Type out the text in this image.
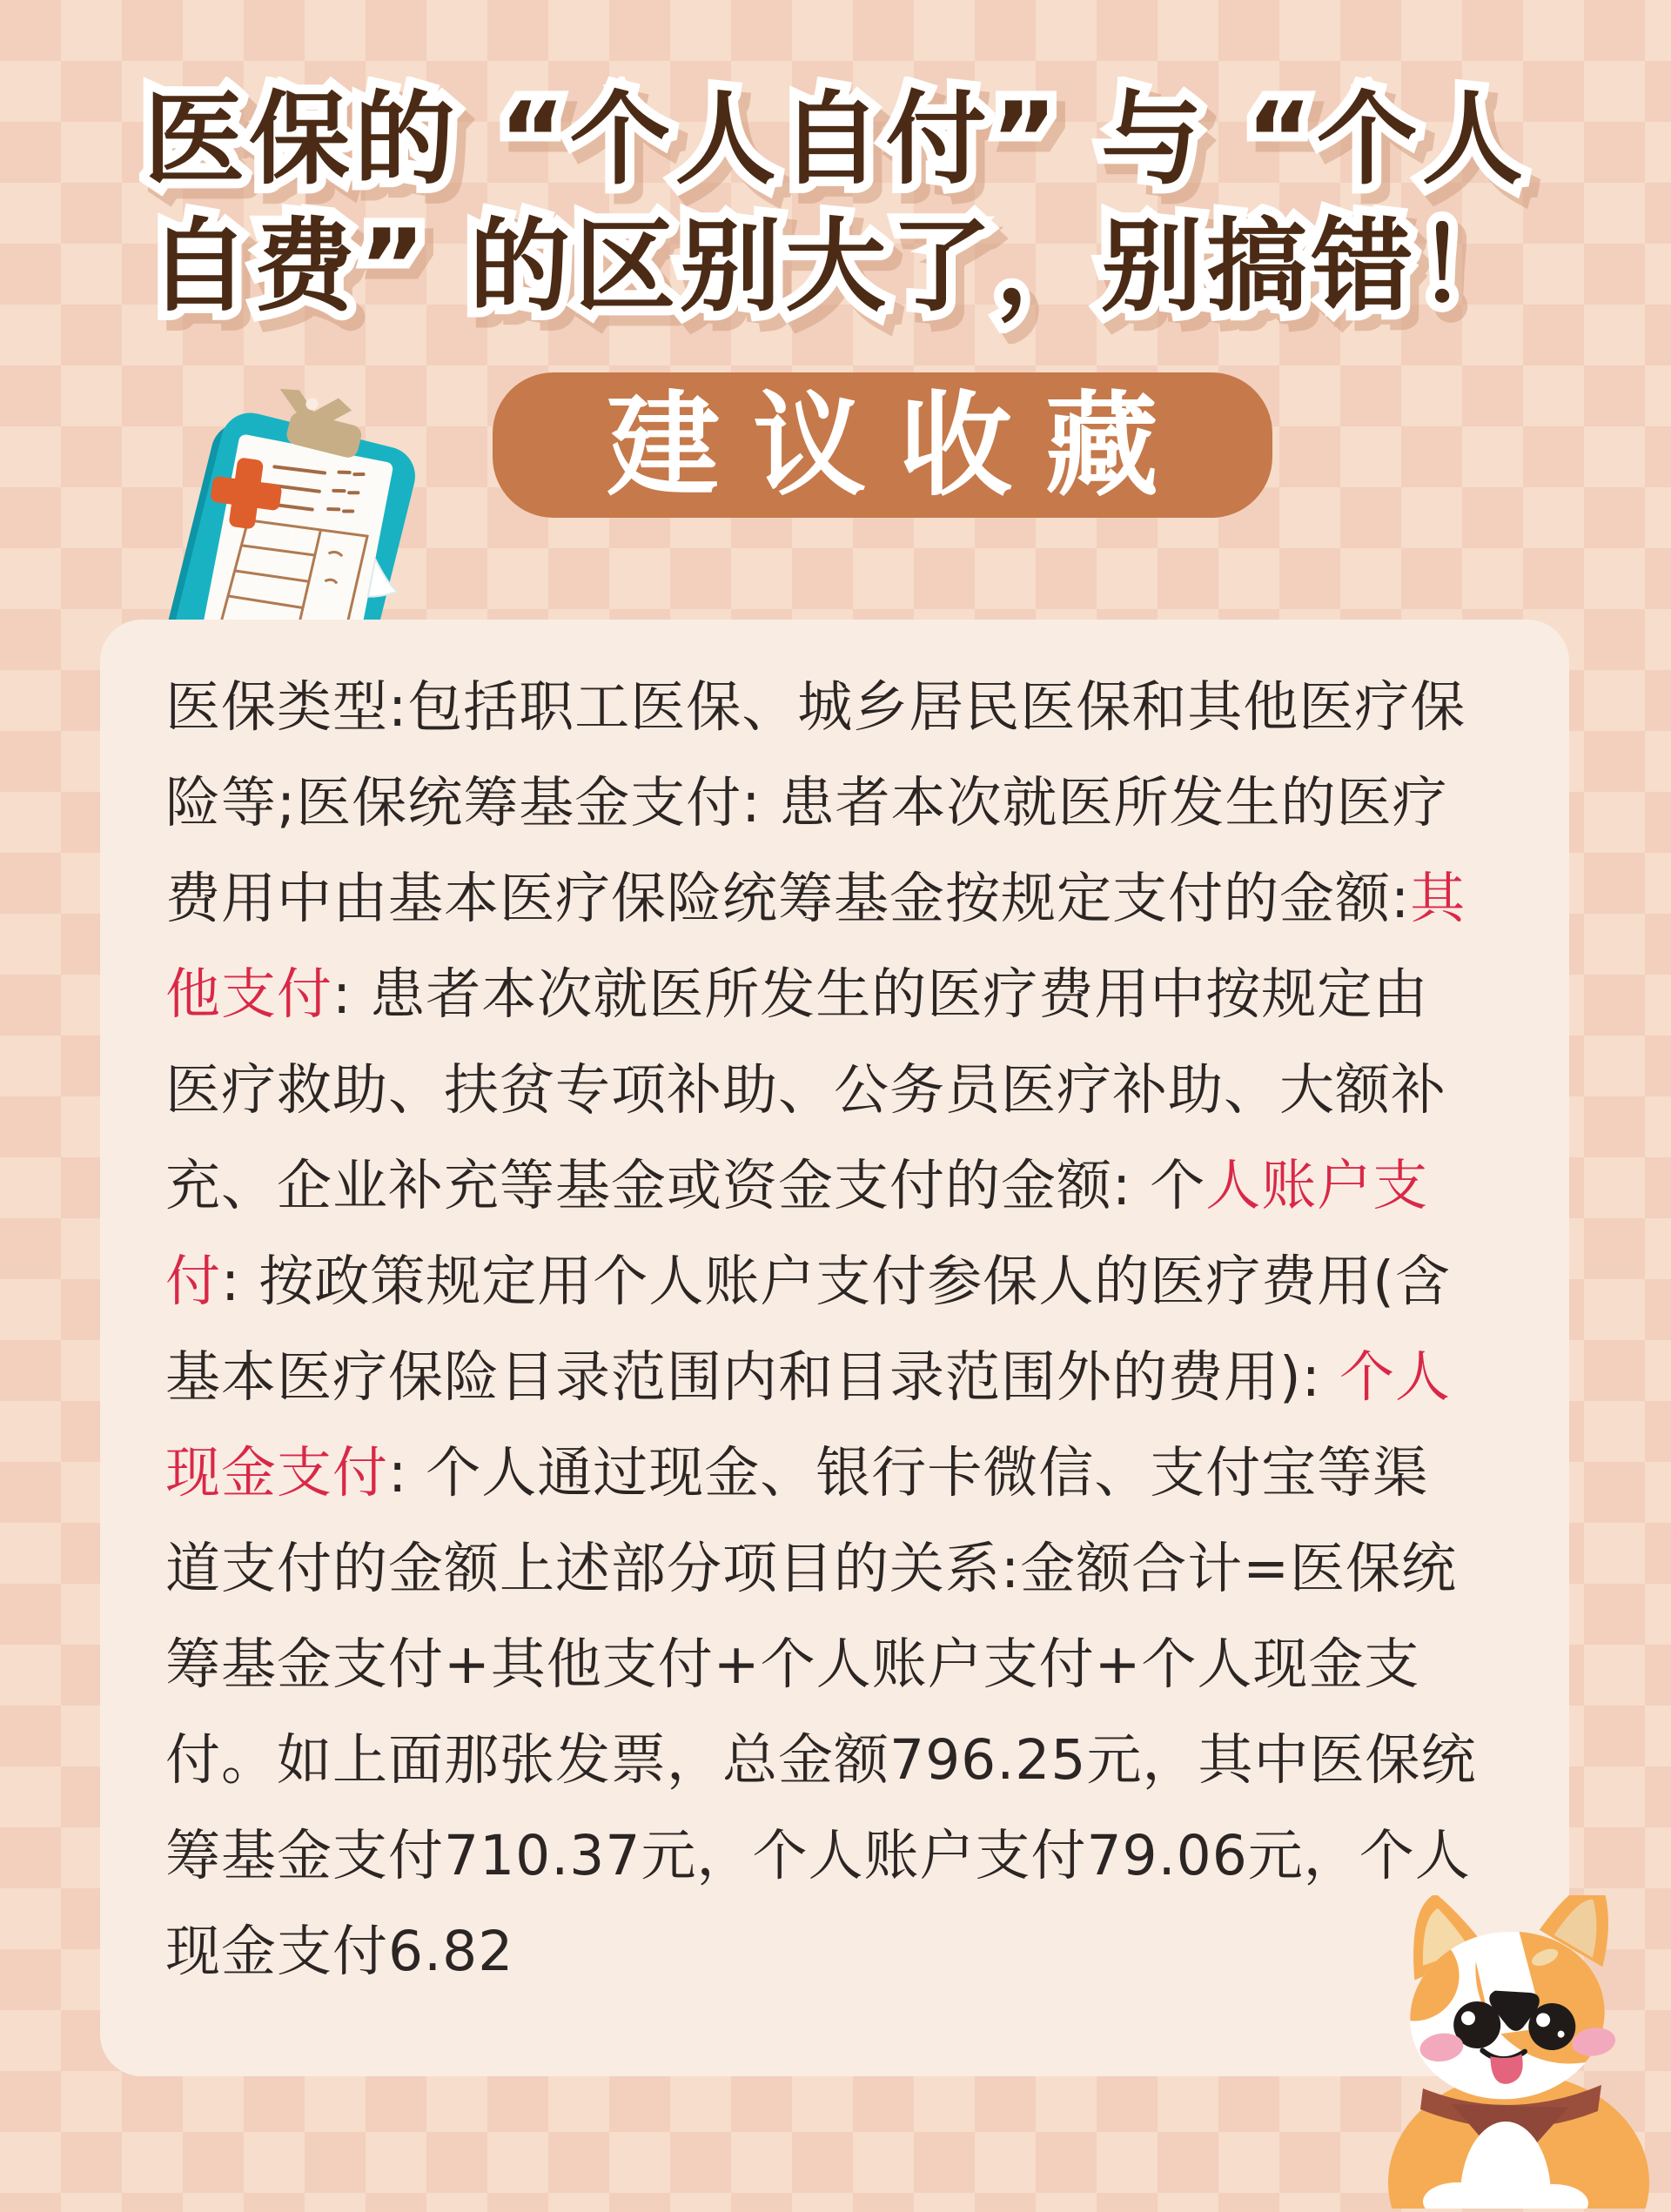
医保的 “个人自付” 与 “个人 医保的 “个人自付” 与 “个人
自费” 的区别大了，别搞错！ 自费” 的区别大了，别搞错！
建议收藏

医保类型:包括职工医保、城乡居民医保和其他医疗保

险等;医保统筹基金支付: 患者本次就医所发生的医疗

费用中由基本医疗保险统筹基金按规定支付的金额:其

他支付: 患者本次就医所发生的医疗费用中按规定由

医疗救助、扶贫专项补助、公务员医疗补助、大额补

充、企业补充等基金或资金支付的金额: 个人账户支

付: 按政策规定用个人账户支付参保人的医疗费用(含

基本医疗保险目录范围内和目录范围外的费用): 个人

现金支付: 个人通过现金、银行卡微信、支付宝等渠

道支付的金额上述部分项目的关系:金额合计=医保统

筹基金支付+其他支付+个人账户支付+个人现金支

付。如上面那张发票，总金额796.25元，其中医保统

筹基金支付710.37元，个人账户支付79.06元，个人

现金支付6.82
